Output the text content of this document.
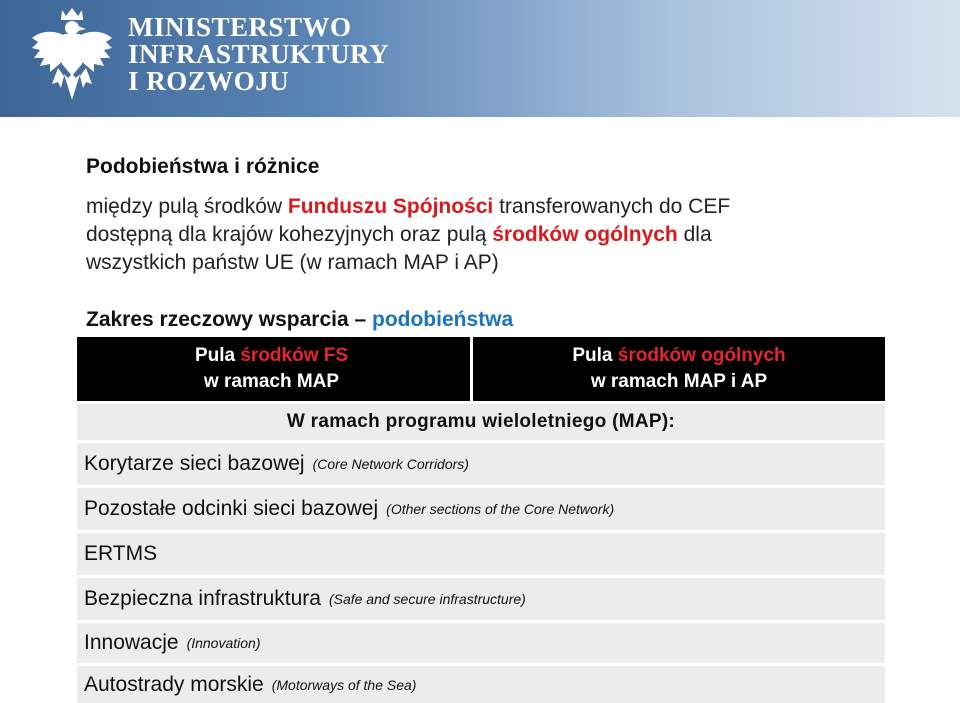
MINISTERSTWO
INFRASTRUKTURY
I ROZWOJU
Podobieństwa i różnice
między pulą środków Funduszu Spójności transferowanych do CEF
dostępną dla krajów kohezyjnych oraz pulą środków ogólnych dla
wszystkich państw UE (w ramach MAP i AP)
Zakres rzeczowy wsparcia – podobieństwa
Pula środków FS
w ramach MAP
Pula środków ogólnych
w ramach MAP i AP
W ramach programu wieloletniego (MAP):
Korytarze sieci bazowej (Core Network Corridors)
Pozostałe odcinki sieci bazowej (Other sections of the Core Network)
ERTMS
Bezpieczna infrastruktura (Safe and secure infrastructure)
Innowacje (Innovation)
Autostrady morskie (Motorways of the Sea)
